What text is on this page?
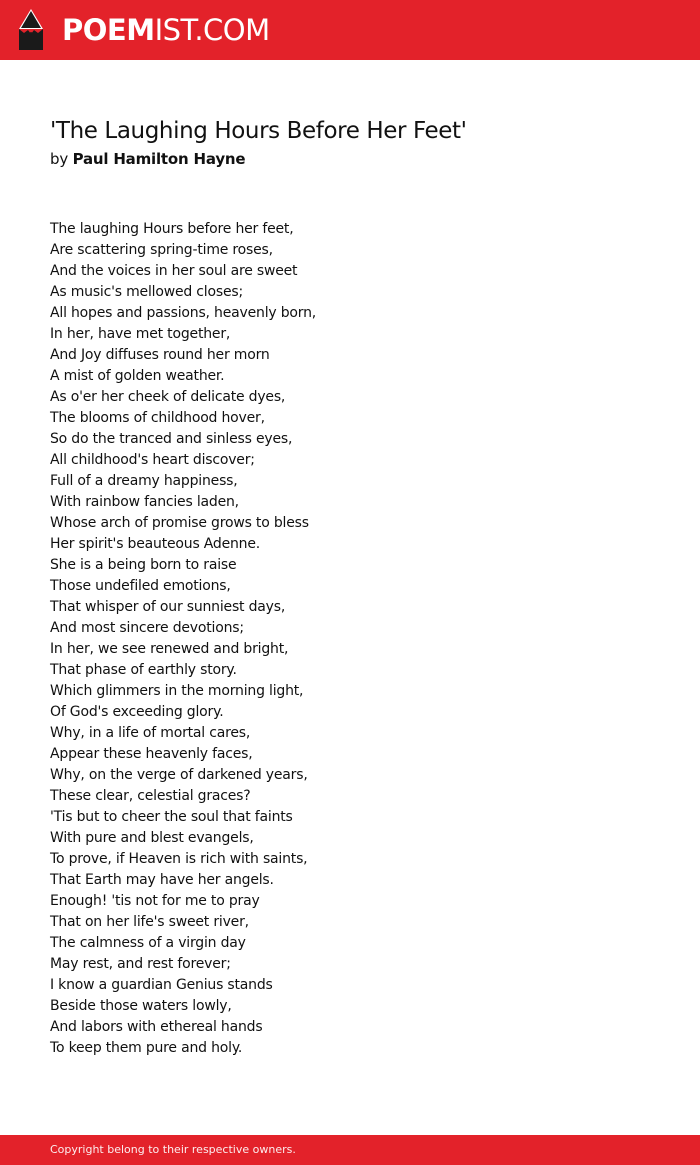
POEMIST.COM
'The Laughing Hours Before Her Feet'

by Paul Hamilton Hayne

The laughing Hours before her feet,
Are scattering spring-time roses,
And the voices in her soul are sweet
As music's mellowed closes;
All hopes and passions, heavenly born,
In her, have met together,
And Joy diffuses round her morn
A mist of golden weather.
As o'er her cheek of delicate dyes,
The blooms of childhood hover,
So do the tranced and sinless eyes,
All childhood's heart discover;
Full of a dreamy happiness,
With rainbow fancies laden,
Whose arch of promise grows to bless
Her spirit's beauteous Adenne.
She is a being born to raise
Those undefiled emotions,
That whisper of our sunniest days,
And most sincere devotions;
In her, we see renewed and bright,
That phase of earthly story.
Which glimmers in the morning light,
Of God's exceeding glory.
Why, in a life of mortal cares,
Appear these heavenly faces,
Why, on the verge of darkened years,
These clear, celestial graces?
'Tis but to cheer the soul that faints
With pure and blest evangels,
To prove, if Heaven is rich with saints,
That Earth may have her angels.
Enough! 'tis not for me to pray
That on her life's sweet river,
The calmness of a virgin day
May rest, and rest forever;
I know a guardian Genius stands
Beside those waters lowly,
And labors with ethereal hands
To keep them pure and holy.
Copyright belong to their respective owners.
